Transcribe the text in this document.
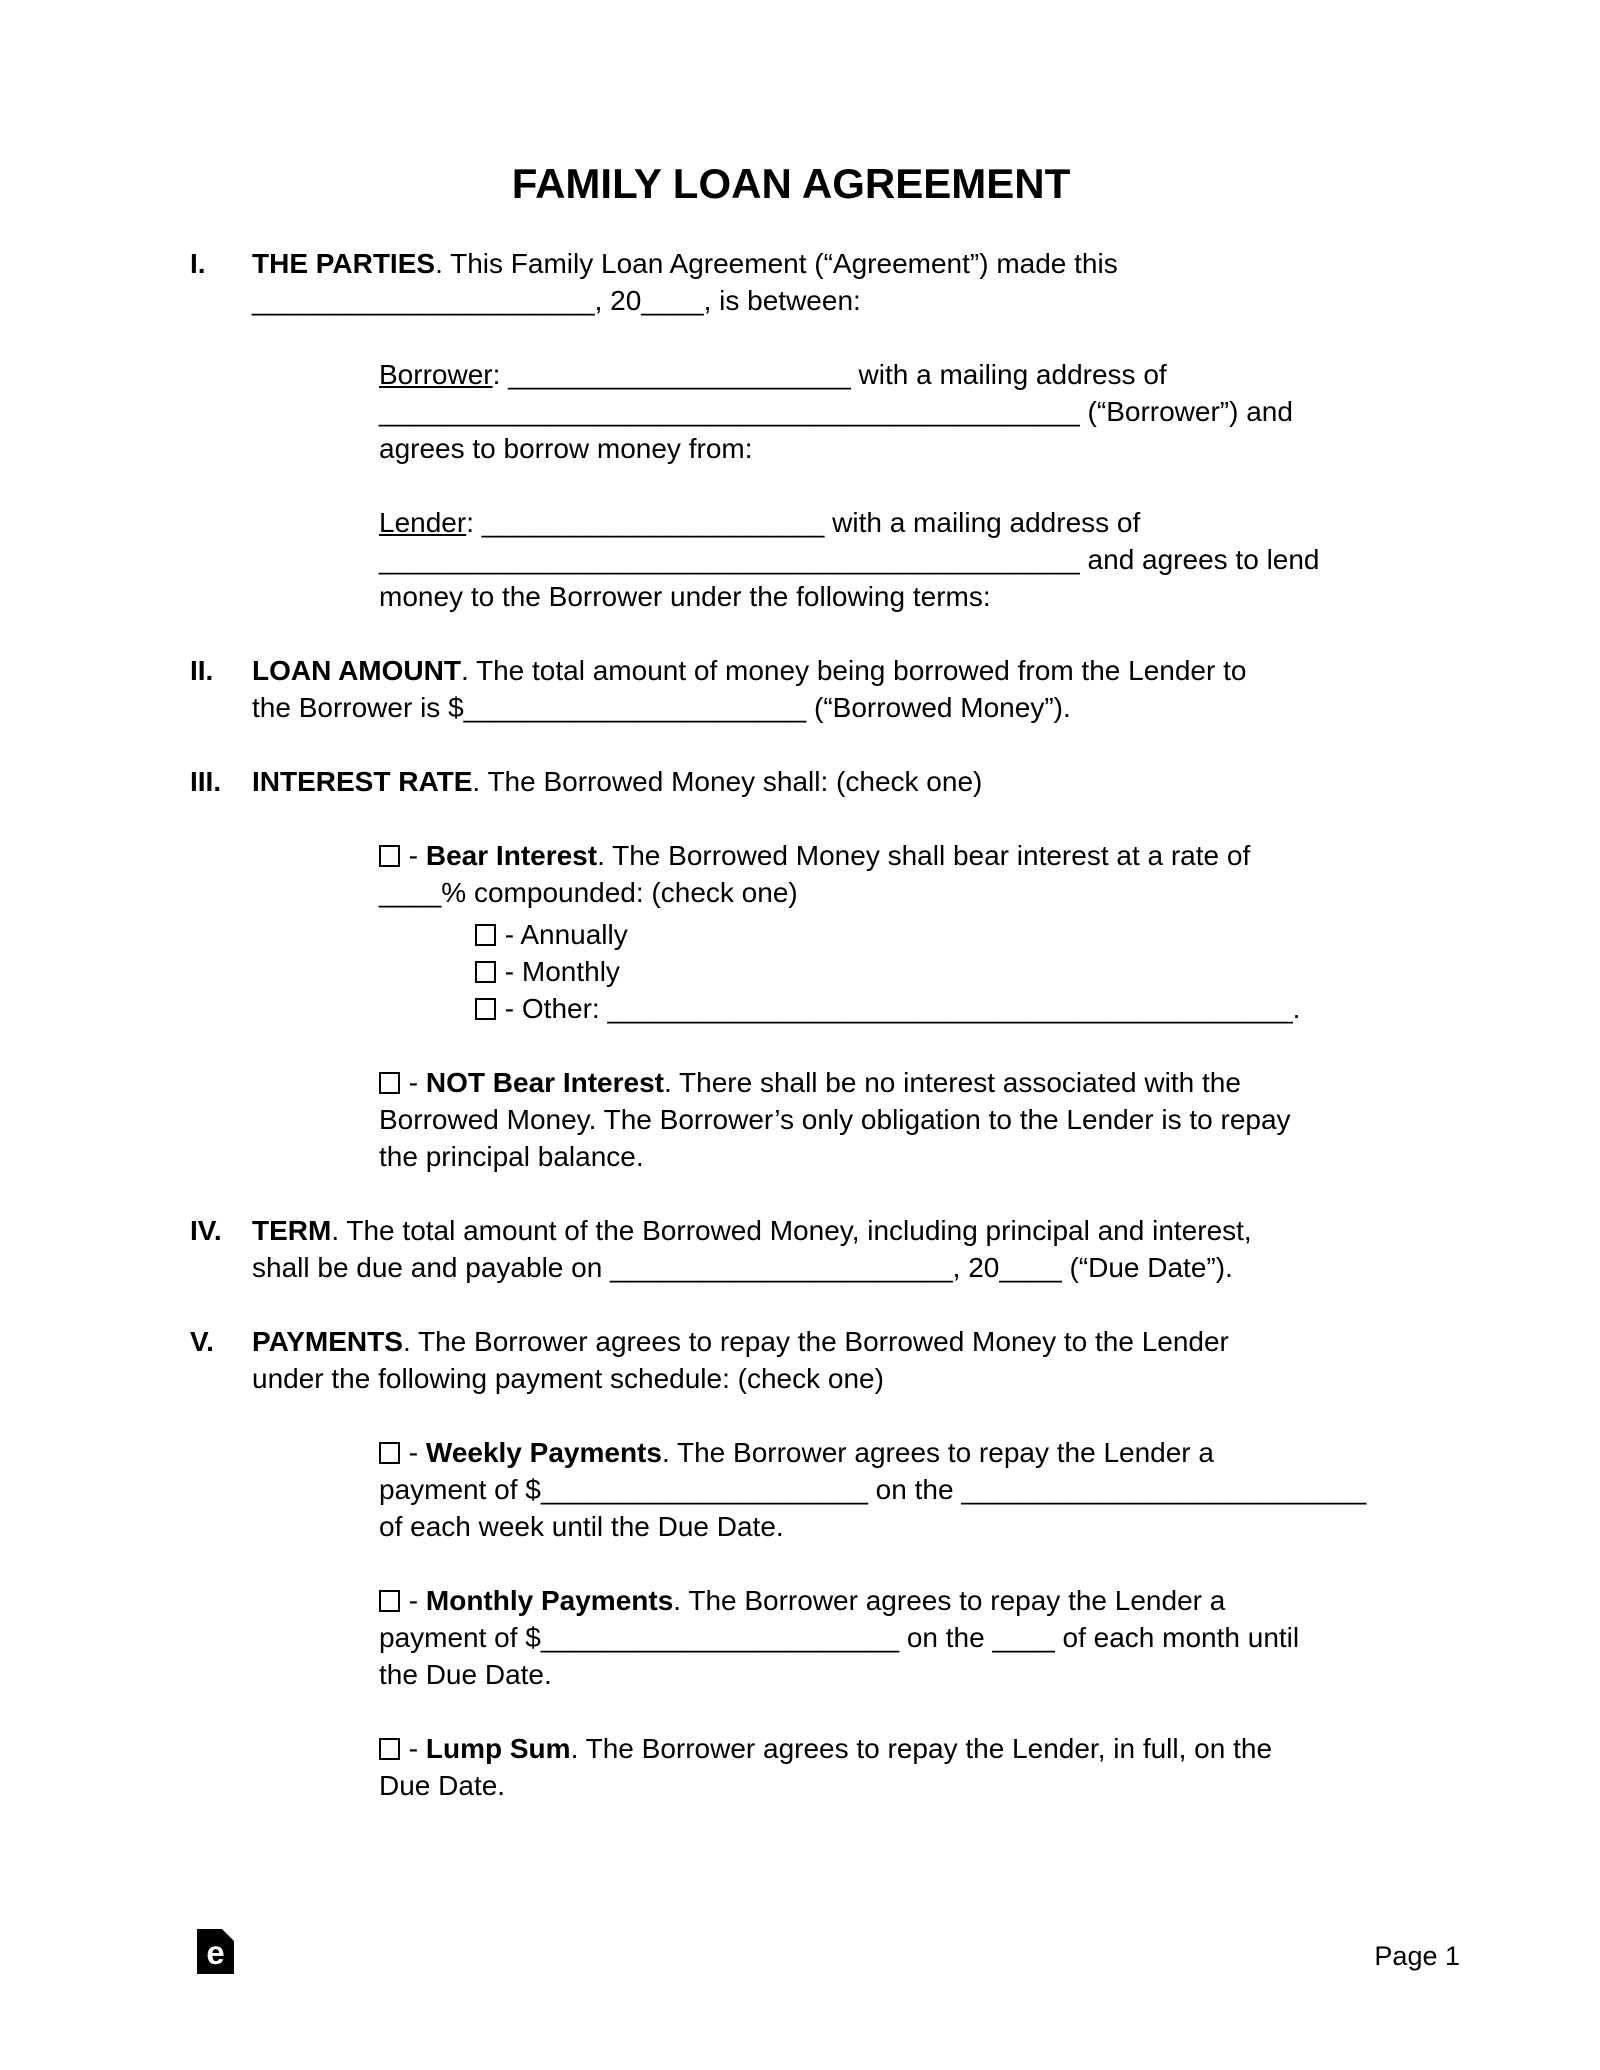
FAMILY LOAN AGREEMENT
I.	THE PARTIES. This Family Loan Agreement (“Agreement”) made this
______________________, 20____, is between:
Borrower: ______________________ with a mailing address of
_____________________________________________ (“Borrower”) and
agrees to borrow money from:
Lender: ______________________ with a mailing address of
_____________________________________________ and agrees to lend
money to the Borrower under the following terms:
II.	LOAN AMOUNT. The total amount of money being borrowed from the Lender to
the Borrower is $______________________ (“Borrowed Money”).
III.	INTEREST RATE. The Borrowed Money shall: (check one)
- Bear Interest. The Borrowed Money shall bear interest at a rate of
____% compounded: (check one)
- Annually
- Monthly
- Other: ____________________________________________.
- NOT Bear Interest. There shall be no interest associated with the
Borrowed Money. The Borrower’s only obligation to the Lender is to repay
the principal balance.
IV.	TERM. The total amount of the Borrowed Money, including principal and interest,
shall be due and payable on ______________________, 20____ (“Due Date”).
V.	PAYMENTS. The Borrower agrees to repay the Borrowed Money to the Lender
under the following payment schedule: (check one)
- Weekly Payments. The Borrower agrees to repay the Lender a
payment of $_____________________ on the __________________________
of each week until the Due Date.
- Monthly Payments. The Borrower agrees to repay the Lender a
payment of $_______________________ on the ____ of each month until
the Due Date.
- Lump Sum. The Borrower agrees to repay the Lender, in full, on the
Due Date.
e	Page 1
